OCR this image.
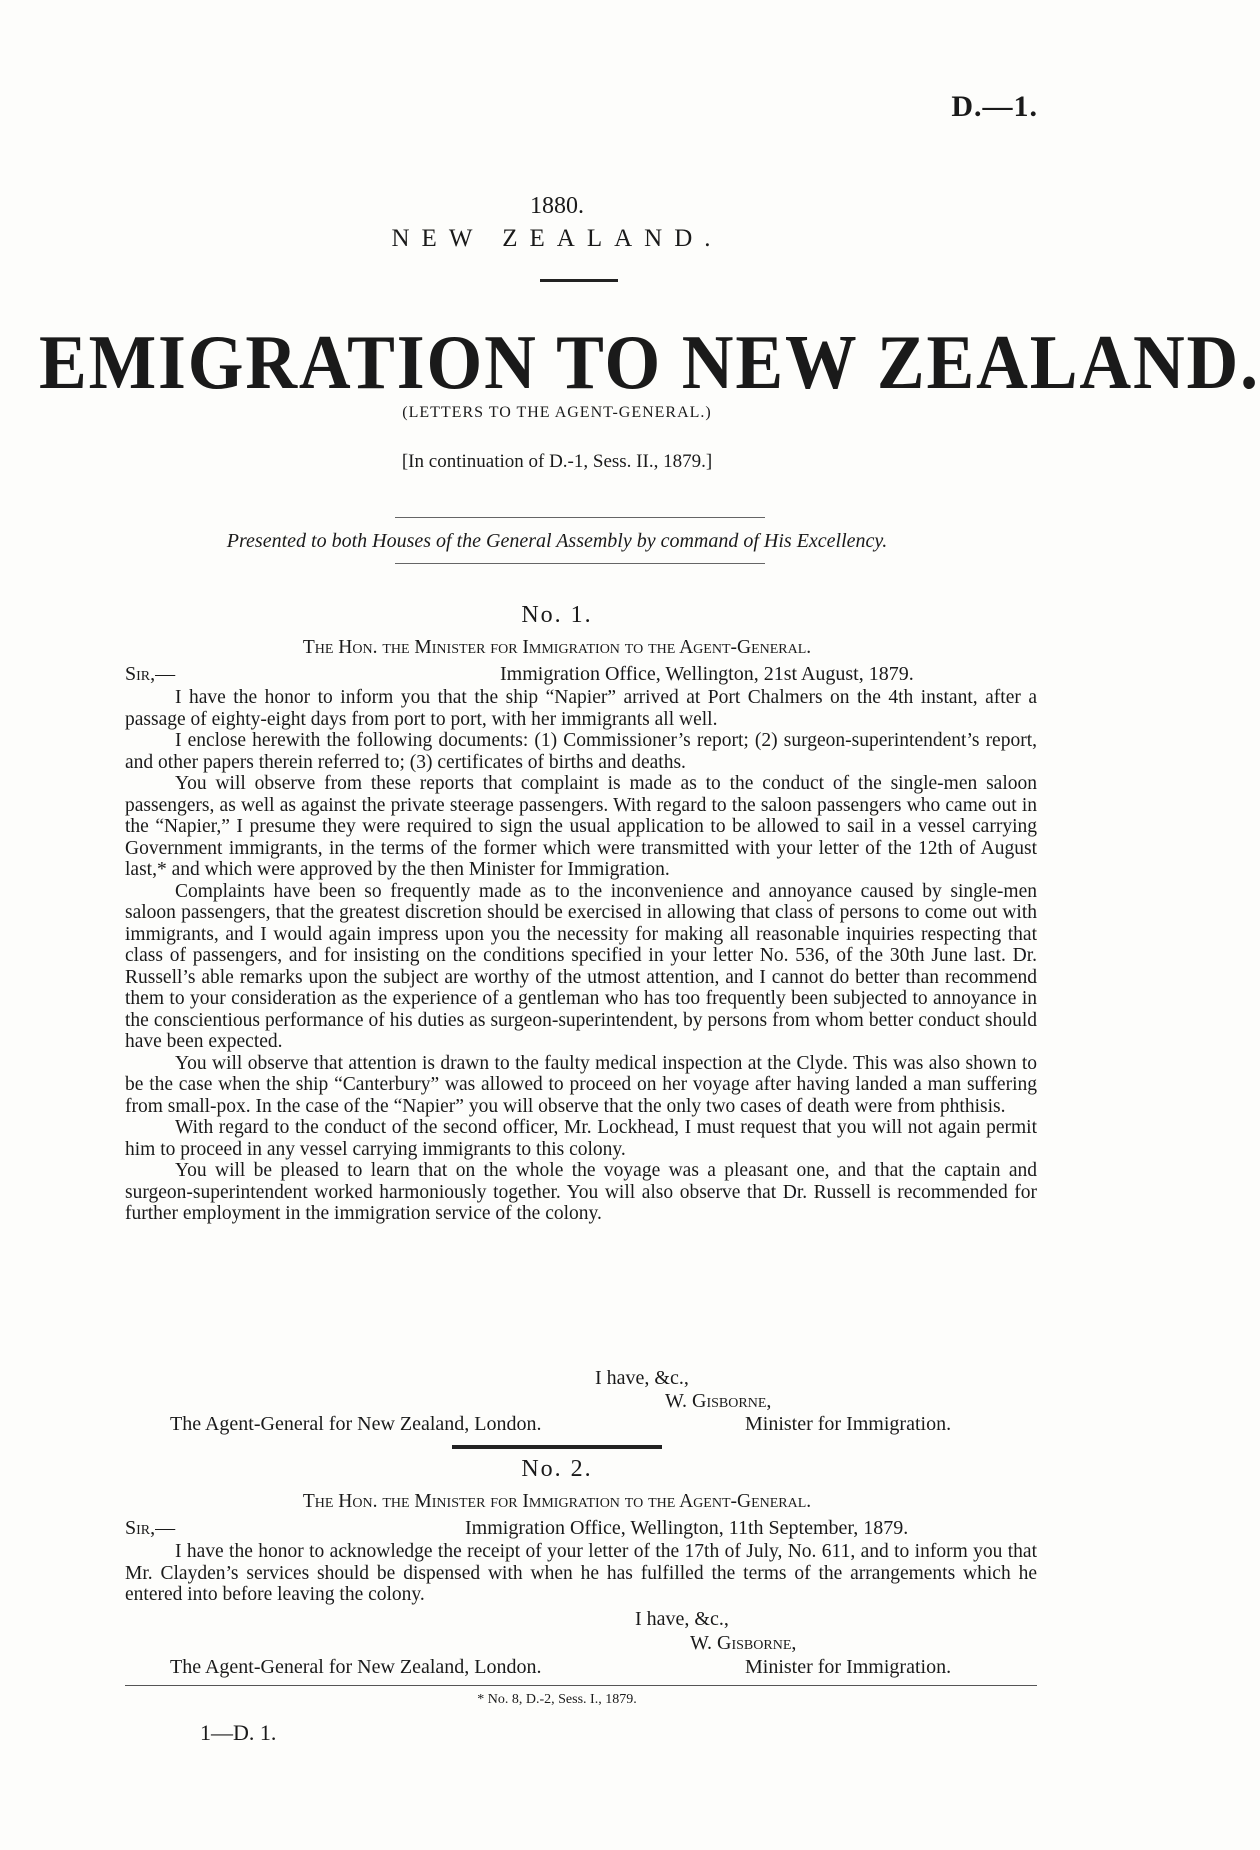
D.—1.
1880.
NEW ZEALAND.
EMIGRATION TO NEW ZEALAND.
(LETTERS TO THE AGENT-GENERAL.)
[In continuation of D.-1, Sess. II., 1879.]
Presented to both Houses of the General Assembly by command of His Excellency.
No. 1.
The Hon. the Minister for Immigration to the Agent-General.
Sir,—	Immigration Office, Wellington, 21st August, 1879.

I have the honor to inform you that the ship “Napier” arrived at Port Chalmers on the 4th instant, after a passage of eighty-eight days from port to port, with her immigrants all well.

I enclose herewith the following documents: (1) Commissioner’s report; (2) surgeon-superintendent’s report, and other papers therein referred to; (3) certificates of births and deaths.

You will observe from these reports that complaint is made as to the conduct of the single-men saloon passengers, as well as against the private steerage passengers. With regard to the saloon passengers who came out in the “Napier,” I presume they were required to sign the usual application to be allowed to sail in a vessel carrying Government immigrants, in the terms of the former which were transmitted with your letter of the 12th of August last,* and which were approved by the then Minister for Immigration.

Complaints have been so frequently made as to the inconvenience and annoyance caused by single-men saloon passengers, that the greatest discretion should be exercised in allowing that class of persons to come out with immigrants, and I would again impress upon you the necessity for making all reasonable inquiries respecting that class of passengers, and for insisting on the conditions specified in your letter No. 536, of the 30th June last. Dr. Russell’s able remarks upon the subject are worthy of the utmost attention, and I cannot do better than recommend them to your consideration as the experience of a gentleman who has too frequently been subjected to annoyance in the conscientious performance of his duties as surgeon-superintendent, by persons from whom better conduct should have been expected.

You will observe that attention is drawn to the faulty medical inspection at the Clyde. This was also shown to be the case when the ship “Canterbury” was allowed to proceed on her voyage after having landed a man suffering from small-pox. In the case of the “Napier” you will observe that the only two cases of death were from phthisis.

With regard to the conduct of the second officer, Mr. Lockhead, I must request that you will not again permit him to proceed in any vessel carrying immigrants to this colony.

You will be pleased to learn that on the whole the voyage was a pleasant one, and that the captain and surgeon-superintendent worked harmoniously together. You will also observe that Dr. Russell is recommended for further employment in the immigration service of the colony.

I have, &c.,
W. Gisborne,
The Agent-General for New Zealand, London.	Minister for Immigration.
No. 2.
The Hon. the Minister for Immigration to the Agent-General.
Sir,—	Immigration Office, Wellington, 11th September, 1879.

I have the honor to acknowledge the receipt of your letter of the 17th of July, No. 611, and to inform you that Mr. Clayden’s services should be dispensed with when he has fulfilled the terms of the arrangements which he entered into before leaving the colony.

I have, &c.,
W. Gisborne,
The Agent-General for New Zealand, London.	Minister for Immigration.
* No. 8, D.-2, Sess. I., 1879.
1—D. 1.
